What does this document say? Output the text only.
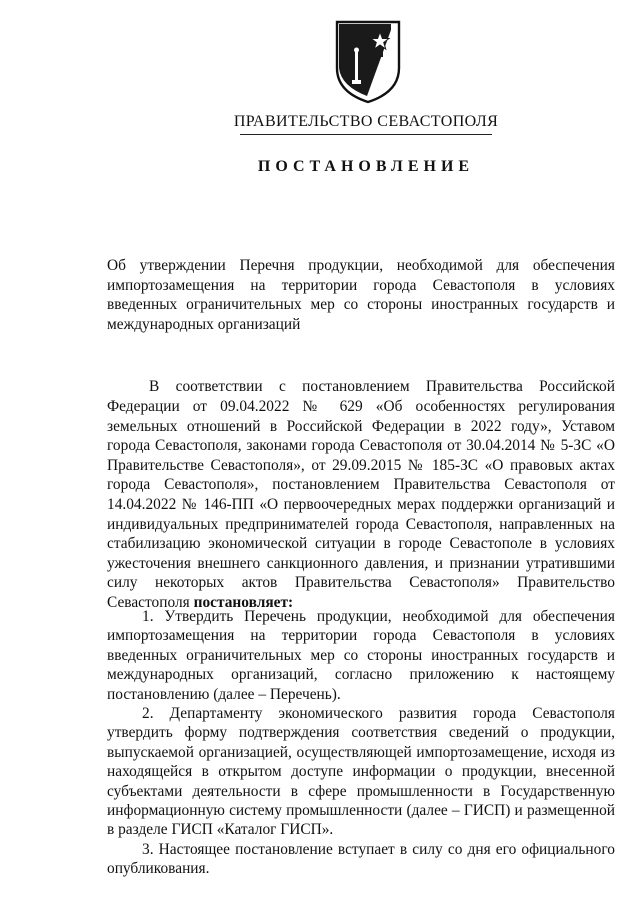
ПРАВИТЕЛЬСТВО СЕВАСТОПОЛЯ
ПОСТАНОВЛЕНИЕ
Об утверждении Перечня продукции, необходимой для обеспечения импортозамещения на территории города Севастополя в условиях введенных ограничительных мер со стороны иностранных государств и международных организаций

В соответствии с постановлением Правительства Российской Федерации от 09.04.2022 № 629 «Об особенностях регулирования земельных отношений в Российской Федерации в 2022 году», Уставом города Севастополя, законами города Севастополя от 30.04.2014 № 5-ЗС «О Правительстве Севастополя», от 29.09.2015 № 185-ЗС «О правовых актах города Севастополя», постановлением Правительства Севастополя от 14.04.2022 № 146-ПП «О первоочередных мерах поддержки организаций и индивидуальных предпринимателей города Севастополя, направленных на стабилизацию экономической ситуации в городе Севастополе в условиях ужесточения внешнего санкционного давления, и признании утратившими силу некоторых актов Правительства Севастополя» Правительство Севастополя постановляет:

1. Утвердить Перечень продукции, необходимой для обеспечения импортозамещения на территории города Севастополя в условиях введенных ограничительных мер со стороны иностранных государств и международных организаций, согласно приложению к настоящему постановлению (далее – Перечень).

2. Департаменту экономического развития города Севастополя утвердить форму подтверждения соответствия сведений о продукции, выпускаемой организацией, осуществляющей импортозамещение, исходя из находящейся в открытом доступе информации о продукции, внесенной субъектами деятельности в сфере промышленности в Государственную информационную систему промышленности (далее – ГИСП) и размещенной в разделе ГИСП «Каталог ГИСП».

3. Настоящее постановление вступает в силу со дня его официального опубликования.
